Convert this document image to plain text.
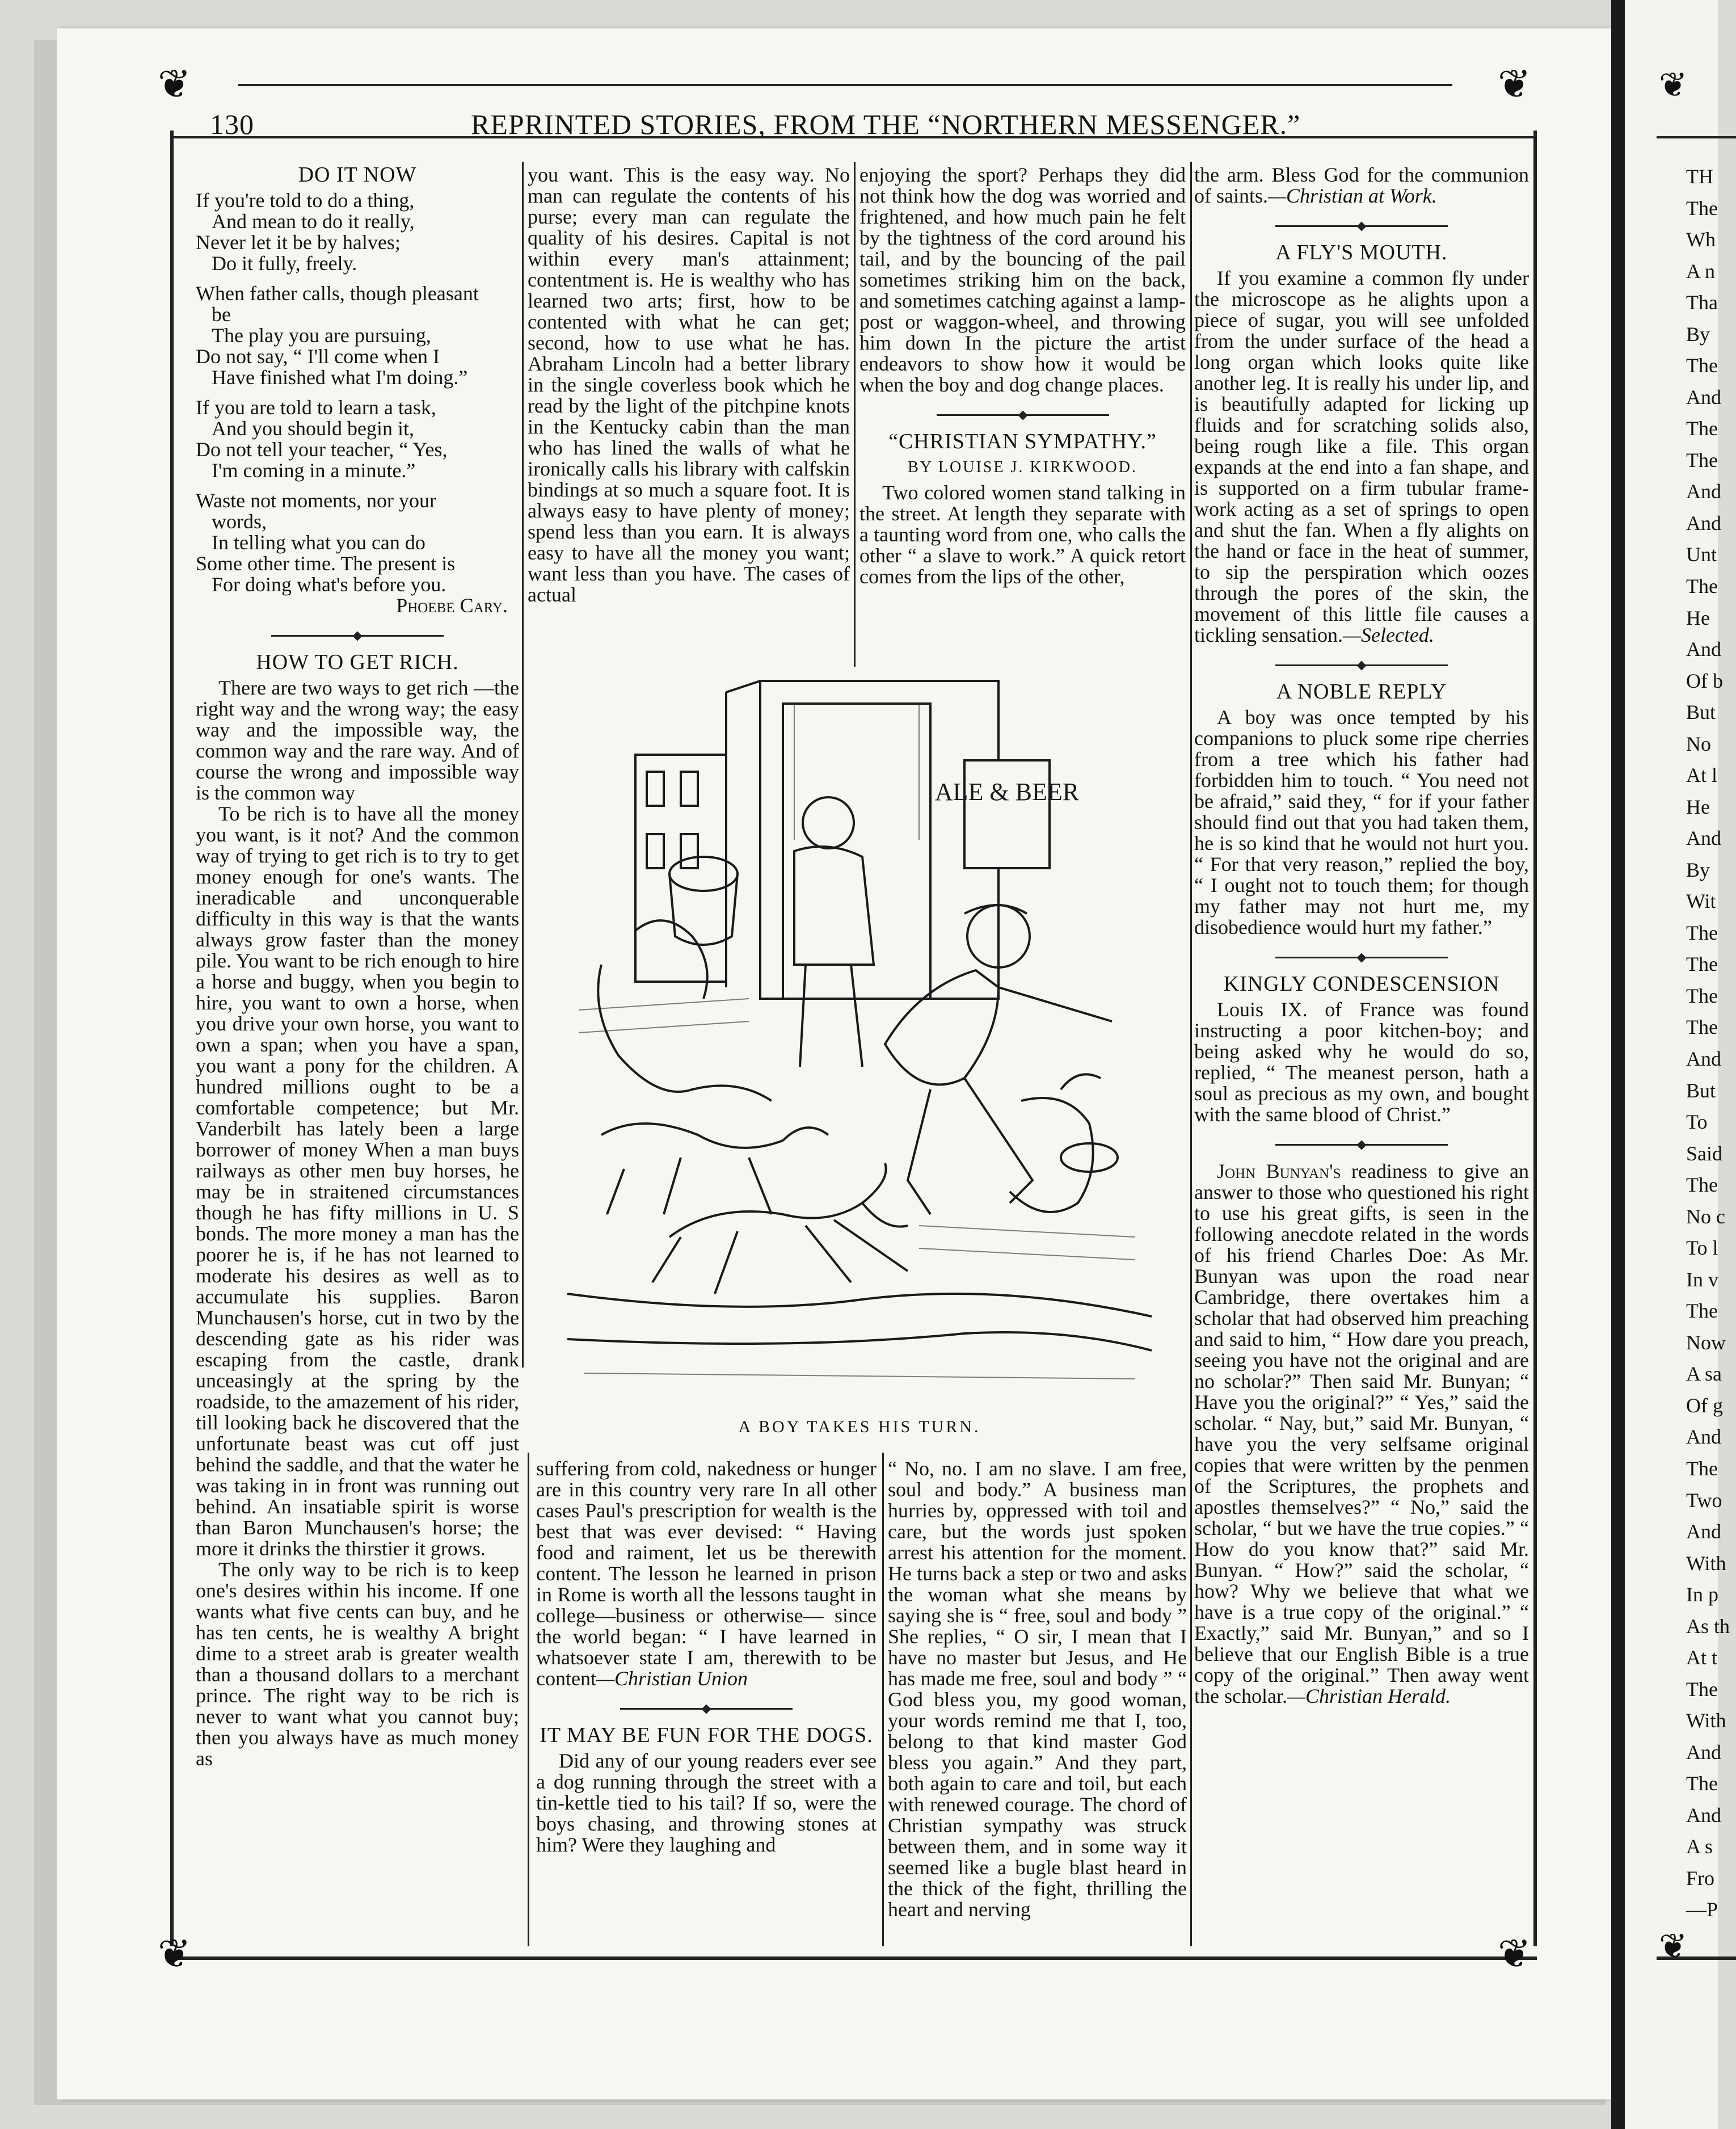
❦	❦
❦	❦
130	REPRINTED STORIES, FROM THE “NORTHERN MESSENGER.”
DO IT NOW
If you're told to do a thing,
And mean to do it really,
Never let it be by halves;
Do it fully, freely.
When father calls, though pleasant
be
The play you are pursuing,
Do not say, “ I'll come when I
Have finished what I'm doing.”
If you are told to learn a task,
And you should begin it,
Do not tell your teacher, “ Yes,
I'm coming in a minute.”
Waste not moments, nor your
words,
In telling what you can do
Some other time. The present is
For doing what's before you.
Phoebe Cary.
HOW TO GET RICH.

There are two ways to get rich —the right way and the wrong way; the easy way and the impossible way, the common way and the rare way. And of course the wrong and impossible way is the common way

To be rich is to have all the money you want, is it not? And the common way of trying to get rich is to try to get money enough for one's wants. The ineradicable and unconquerable difficulty in this way is that the wants always grow faster than the money pile. You want to be rich enough to hire a horse and buggy, when you begin to hire, you want to own a horse, when you drive your own horse, you want to own a span; when you have a span, you want a pony for the children. A hundred millions ought to be a comfortable competence; but Mr. Vanderbilt has lately been a large borrower of money When a man buys railways as other men buy horses, he may be in straitened circumstances though he has fifty millions in U. S bonds. The more money a man has the poorer he is, if he has not learned to moderate his desires as well as to accumulate his supplies. Baron Munchausen's horse, cut in two by the descending gate as his rider was escaping from the castle, drank unceasingly at the spring by the roadside, to the amazement of his rider, till looking back he discovered that the unfortunate beast was cut off just behind the saddle, and that the water he was taking in in front was running out behind. An insatiable spirit is worse than Baron Munchausen's horse; the more it drinks the thirstier it grows.

The only way to be rich is to keep one's desires within his income. If one wants what five cents can buy, and he has ten cents, he is wealthy A bright dime to a street arab is greater wealth than a thousand dollars to a merchant prince. The right way to be rich is never to want what you cannot buy; then you always have as much money as

you want. This is the easy way. No man can regulate the contents of his purse; every man can regulate the quality of his desires. Capital is not within every man's attainment; contentment is. He is wealthy who has learned two arts; first, how to be contented with what he can get; second, how to use what he has. Abraham Lincoln had a better library in the single coverless book which he read by the light of the pitchpine knots in the Kentucky cabin than the man who has lined the walls of what he ironically calls his library with calfskin bindings at so much a square foot. It is always easy to have plenty of money; spend less than you earn. It is always easy to have all the money you want; want less than you have. The cases of actual

enjoying the sport? Perhaps they did not think how the dog was worried and frightened, and how much pain he felt by the tightness of the cord around his tail, and by the bouncing of the pail sometimes striking him on the back, and sometimes catching against a lamp-post or waggon-wheel, and throwing him down In the picture the artist endeavors to show how it would be when the boy and dog change places.

“CHRISTIAN SYMPATHY.”
BY LOUISE J. KIRKWOOD.

Two colored women stand talking in the street. At length they separate with a taunting word from one, who calls the other “ a slave to work.” A quick retort comes from the lips of the other,

ALE & BEER
A BOY TAKES HIS TURN.

suffering from cold, nakedness or hunger are in this country very rare In all other cases Paul's prescription for wealth is the best that was ever devised: “ Having food and raiment, let us be therewith content. The lesson he learned in prison in Rome is worth all the lessons taught in college—business or otherwise— since the world began: “ I have learned in whatsoever state I am, therewith to be content—Christian Union

IT MAY BE FUN FOR THE DOGS.

Did any of our young readers ever see a dog running through the street with a tin-kettle tied to his tail? If so, were the boys chasing, and throwing stones at him? Were they laughing and

“ No, no. I am no slave. I am free, soul and body.” A business man hurries by, oppressed with toil and care, but the words just spoken arrest his attention for the moment. He turns back a step or two and asks the woman what she means by saying she is “ free, soul and body ” She replies, “ O sir, I mean that I have no master but Jesus, and He has made me free, soul and body ” “ God bless you, my good woman, your words remind me that I, too, belong to that kind master God bless you again.” And they part, both again to care and toil, but each with renewed courage. The chord of Christian sympathy was struck between them, and in some way it seemed like a bugle blast heard in the thick of the fight, thrilling the heart and nerving

the arm. Bless God for the communion of saints.—Christian at Work.

A FLY'S MOUTH.

If you examine a common fly under the microscope as he alights upon a piece of sugar, you will see unfolded from the under surface of the head a long organ which looks quite like another leg. It is really his under lip, and is beautifully adapted for licking up fluids and for scratching solids also, being rough like a file. This organ expands at the end into a fan shape, and is supported on a firm tubular frame-work acting as a set of springs to open and shut the fan. When a fly alights on the hand or face in the heat of summer, to sip the perspiration which oozes through the pores of the skin, the movement of this little file causes a tickling sensation.—Selected.

A NOBLE REPLY

A boy was once tempted by his companions to pluck some ripe cherries from a tree which his father had forbidden him to touch. “ You need not be afraid,” said they, “ for if your father should find out that you had taken them, he is so kind that he would not hurt you. “ For that very reason,” replied the boy, “ I ought not to touch them; for though my father may not hurt me, my disobedience would hurt my father.”

KINGLY CONDESCENSION

Louis IX. of France was found instructing a poor kitchen-boy; and being asked why he would do so, replied, “ The meanest person, hath a soul as precious as my own, and bought with the same blood of Christ.”

John Bunyan's readiness to give an answer to those who questioned his right to use his great gifts, is seen in the following anecdote related in the words of his friend Charles Doe: As Mr. Bunyan was upon the road near Cambridge, there overtakes him a scholar that had observed him preaching and said to him, “ How dare you preach, seeing you have not the original and are no scholar?” Then said Mr. Bunyan; “ Have you the original?” “ Yes,” said the scholar. “ Nay, but,” said Mr. Bunyan, “ have you the very selfsame original copies that were written by the penmen of the Scriptures, the prophets and apostles themselves?” “ No,” said the scholar, “ but we have the true copies.” “ How do you know that?” said Mr. Bunyan. “ How?” said the scholar, “ how? Why we believe that what we have is a true copy of the original.” “ Exactly,” said Mr. Bunyan,” and so I believe that our English Bible is a true copy of the original.” Then away went the scholar.—Christian Herald.

❦
❦
TH
The
Wh
A n
Tha
By
The
And
The
The
And
And
Unt
The
He
And
Of b
But
No
At l
He
And
By
Wit
The
The
The
The
And
But
To
Said
The
No c
To l
In v
The
Now
A sa
Of g
And
The
Two
And
With
In p
As th
At t
The
With
And
The
And
A s
Fro
—P
